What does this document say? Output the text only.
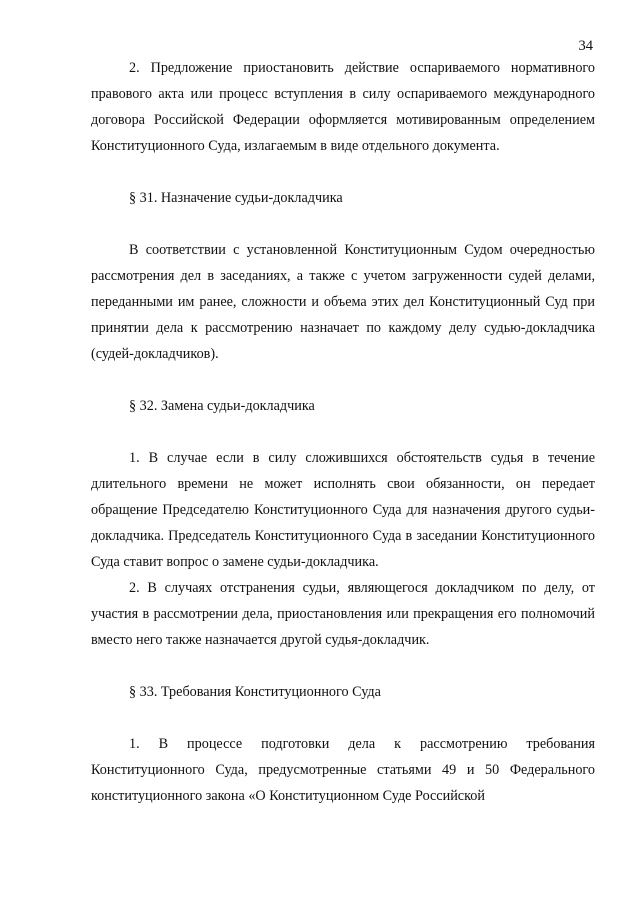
34

2. Предложение приостановить действие оспариваемого нормативного правового акта или процесс вступления в силу оспариваемого международного договора Российской Федерации оформляется мотивированным определением Конституционного Суда, излагаемым в виде отдельного документа.

§ 31. Назначение судьи-докладчика

В соответствии с установленной Конституционным Судом очередностью рассмотрения дел в заседаниях, а также с учетом загруженности судей делами, переданными им ранее, сложности и объема этих дел Конституционный Суд при принятии дела к рассмотрению назначает по каждому делу судью-докладчика (судей-докладчиков).

§ 32. Замена судьи-докладчика

1. В случае если в силу сложившихся обстоятельств судья в течение длительного времени не может исполнять свои обязанности, он передает обращение Председателю Конституционного Суда для назначения другого судьи-докладчика. Председатель Конституционного Суда в заседании Конституционного Суда ставит вопрос о замене судьи-докладчика.

2. В случаях отстранения судьи, являющегося докладчиком по делу, от участия в рассмотрении дела, приостановления или прекращения его полномочий вместо него также назначается другой судья-докладчик.

§ 33. Требования Конституционного Суда

1. В процессе подготовки дела к рассмотрению требования Конституционного Суда, предусмотренные статьями 49 и 50 Федерального конституционного закона «О Конституционном Суде Российской
